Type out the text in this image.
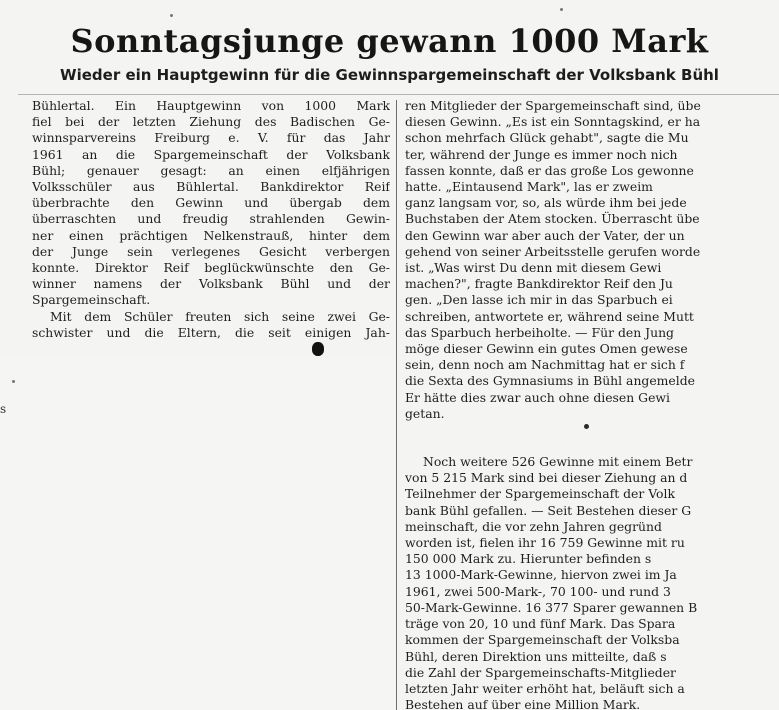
Sonntagsjunge gewann 1000 Mark
Wieder ein Hauptgewinn für die Gewinnspargemeinschaft der Volksbank Bühl
Bühlertal. Ein Hauptgewinn von 1000 Mark
fiel bei der letzten Ziehung des Badischen Ge-
winnsparvereins Freiburg e. V. für das Jahr
1961 an die Spargemeinschaft der Volksbank
Bühl; genauer gesagt: an einen elfjährigen
Volksschüler aus Bühlertal. Bankdirektor Reif
überbrachte den Gewinn und übergab dem
überraschten und freudig strahlenden Gewin-
ner einen prächtigen Nelkenstrauß, hinter dem
der Junge sein verlegenes Gesicht verbergen
konnte. Direktor Reif beglückwünschte den Ge-
winner namens der Volksbank Bühl und der
Spargemeinschaft.
Mit dem Schüler freuten sich seine zwei Ge-
schwister und die Eltern, die seit einigen Jah-
ren Mitglieder der Spargemeinschaft sind, übe
diesen Gewinn. „Es ist ein Sonntagskind, er ha
schon mehrfach Glück gehabt", sagte die Mu
ter, während der Junge es immer noch nich
fassen konnte, daß er das große Los gewonne
hatte. „Eintausend Mark", las er zweim
ganz langsam vor, so, als würde ihm bei jede
Buchstaben der Atem stocken. Überrascht übe
den Gewinn war aber auch der Vater, der un
gehend von seiner Arbeitsstelle gerufen worde
ist. „Was wirst Du denn mit diesem Gewi
machen?", fragte Bankdirektor Reif den Ju
gen. „Den lasse ich mir in das Sparbuch ei
schreiben, antwortete er, während seine Mutt
das Sparbuch herbeiholte. — Für den Jung
möge dieser Gewinn ein gutes Omen gewese
sein, denn noch am Nachmittag hat er sich f
die Sexta des Gymnasiums in Bühl angemelde
Er hätte dies zwar auch ohne diesen Gewi
getan.
Noch weitere 526 Gewinne mit einem Betr
von 5 215 Mark sind bei dieser Ziehung an d
Teilnehmer der Spargemeinschaft der Volk
bank Bühl gefallen. — Seit Bestehen dieser G
meinschaft, die vor zehn Jahren gegründ
worden ist, fielen ihr 16 759 Gewinne mit ru
150 000 Mark zu. Hierunter befinden s
13 1000-Mark-Gewinne, hiervon zwei im Ja
1961, zwei 500-Mark-, 70 100- und rund 3
50-Mark-Gewinne. 16 377 Sparer gewannen B
träge von 20, 10 und fünf Mark. Das Spara
kommen der Spargemeinschaft der Volksba
Bühl, deren Direktion uns mitteilte, daß s
die Zahl der Spargemeinschafts-Mitglieder
letzten Jahr weiter erhöht hat, beläuft sich a
Bestehen auf über eine Million Mark.
s
